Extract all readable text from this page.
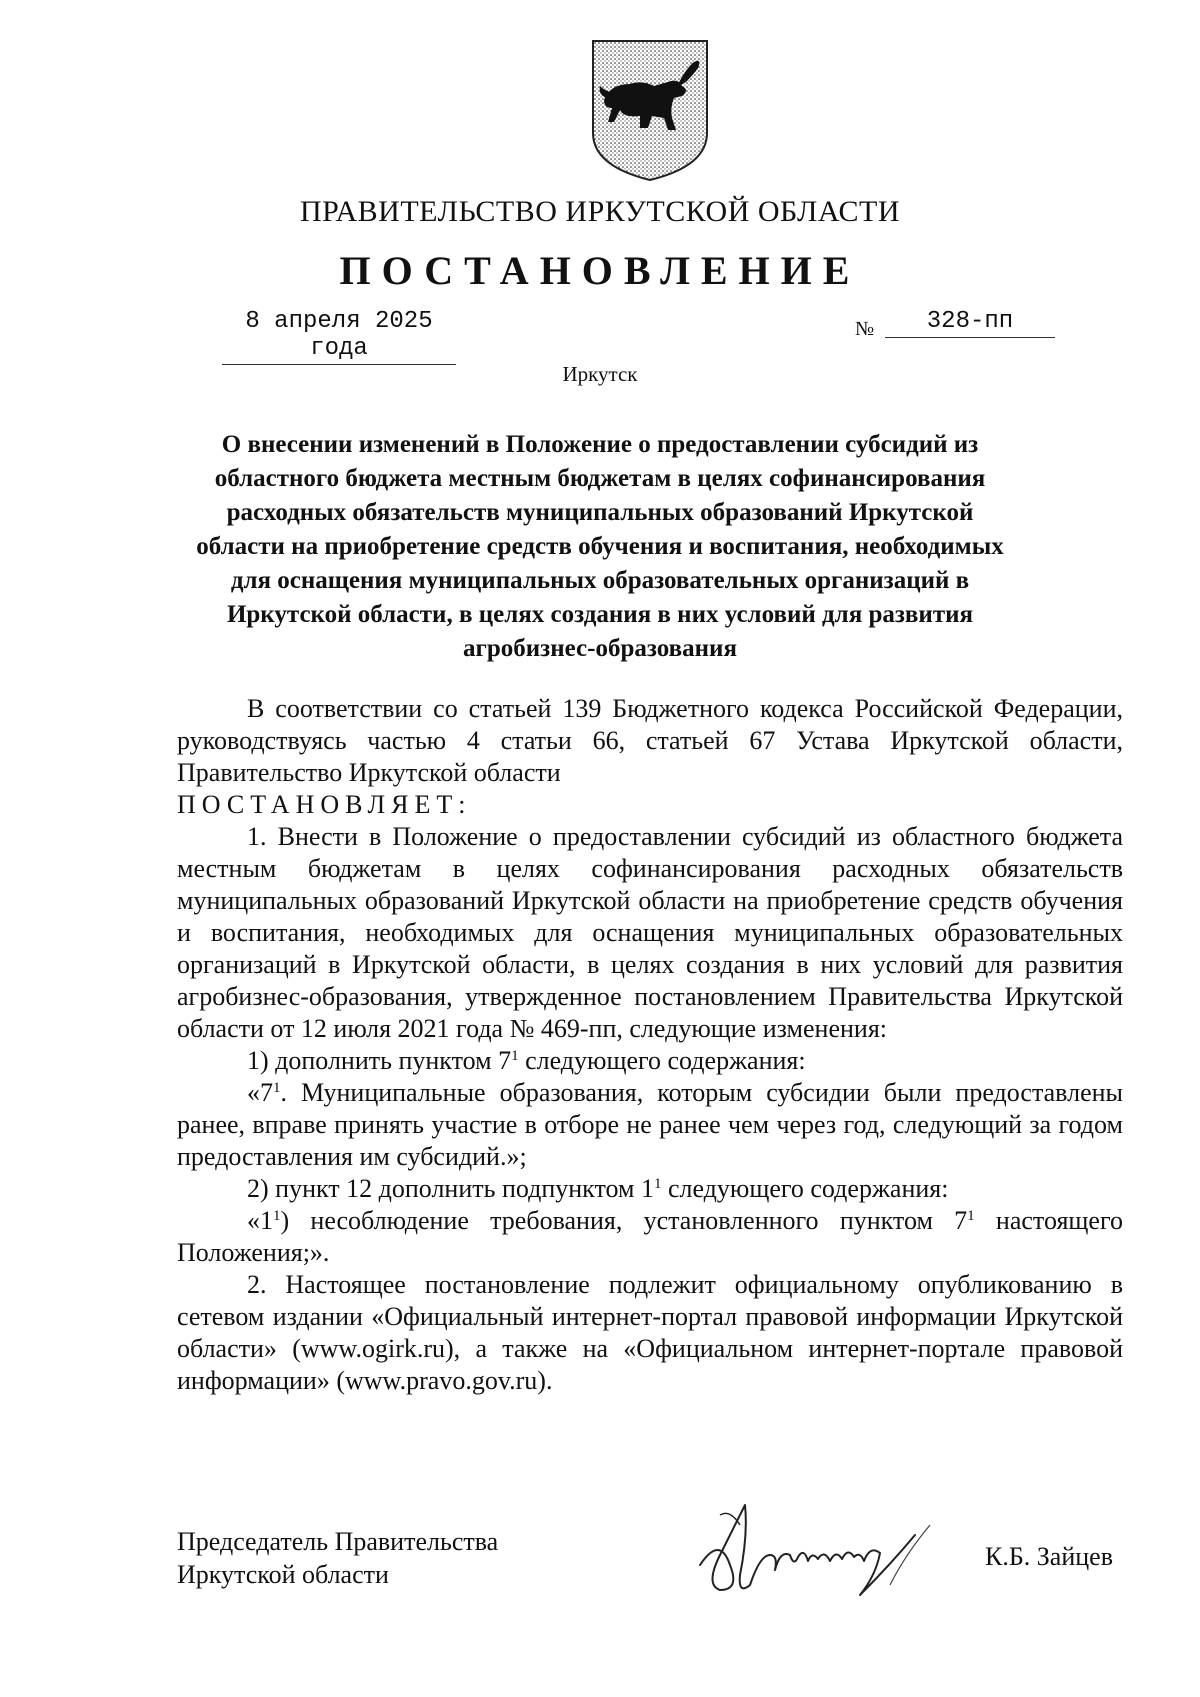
ПРАВИТЕЛЬСТВО ИРКУТСКОЙ ОБЛАСТИ
ПОСТАНОВЛЕНИЕ
8 апреля 2025 года
№	328-пп
Иркутск
О внесении изменений в Положение о предоставлении субсидий из областного бюджета местным бюджетам в целях софинансирования расходных обязательств муниципальных образований Иркутской области на приобретение средств обучения и воспитания, необходимых для оснащения муниципальных образовательных организаций в Иркутской области, в целях создания в них условий для развития агробизнес-образования

В соответствии со статьей 139 Бюджетного кодекса Российской Федерации, руководствуясь частью 4 статьи 66, статьей 67 Устава Иркутской области, Правительство Иркутской области

ПОСТАНОВЛЯЕТ:

1. Внести в Положение о предоставлении субсидий из областного бюджета местным бюджетам в целях софинансирования расходных обязательств муниципальных образований Иркутской области на приобретение средств обучения и воспитания, необходимых для оснащения муниципальных образовательных организаций в Иркутской области, в целях создания в них условий для развития агробизнес-образования, утвержденное постановлением Правительства Иркутской области от 12 июля 2021 года № 469-пп, следующие изменения:

1) дополнить пунктом $7^1$ следующего содержания:

«$7^1$. Муниципальные образования, которым субсидии были предоставлены ранее, вправе принять участие в отборе не ранее чем через год, следующий за годом предоставления им субсидий.»;

2) пункт 12 дополнить подпунктом $1^1$ следующего содержания:

«$1^1$) несоблюдение требования, установленного пунктом $7^1$ настоящего Положения;».

2. Настоящее постановление подлежит официальному опубликованию в сетевом издании «Официальный интернет-портал правовой информации Иркутской области» (www.ogirk.ru), а также на «Официальном интернет-портале правовой информации» (www.pravo.gov.ru).

Председатель Правительства
Иркутской области
К.Б. Зайцев
